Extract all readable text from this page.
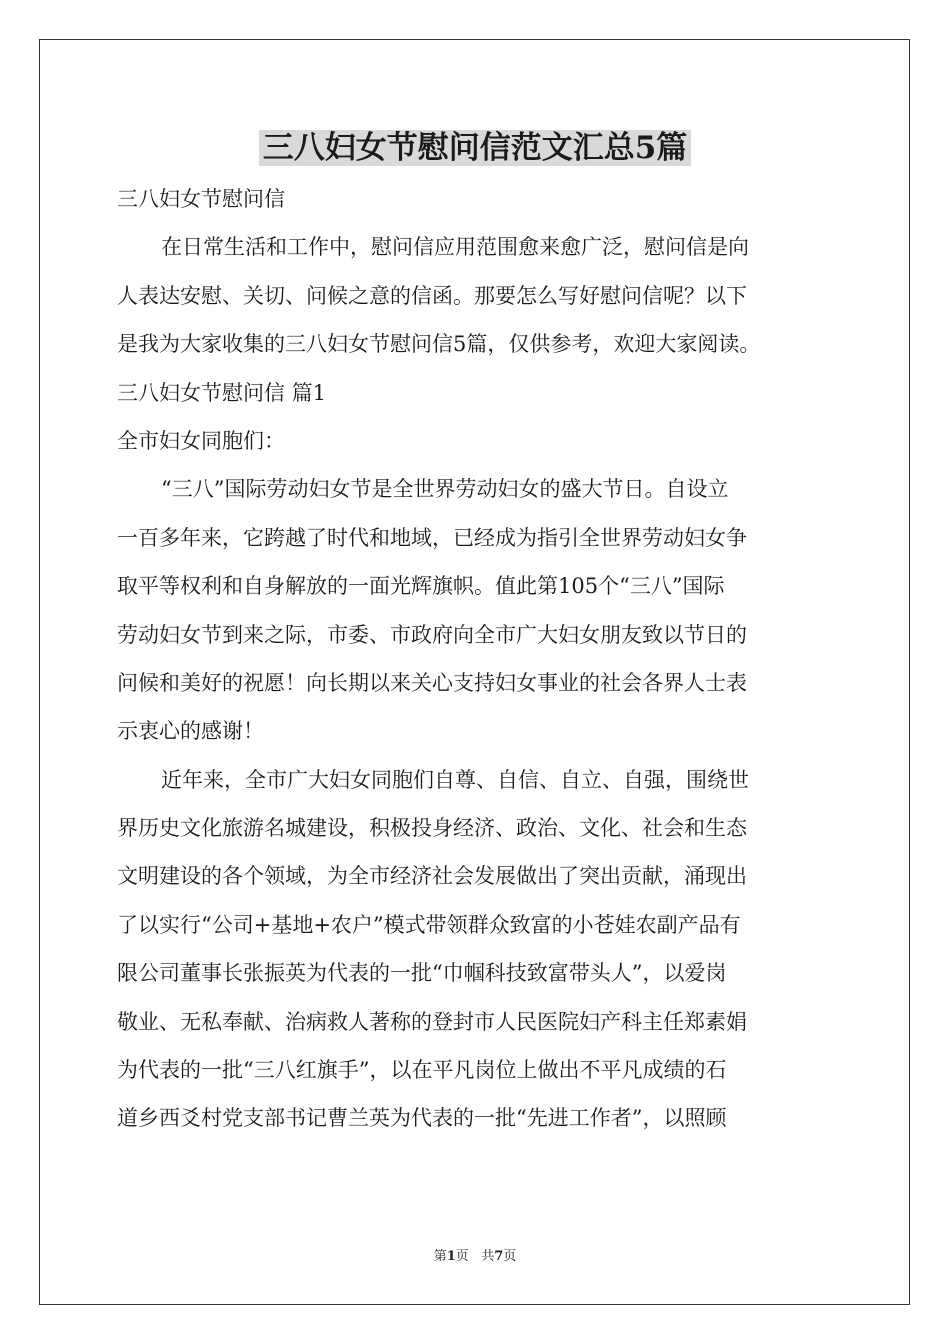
三八妇女节慰问信范文汇总5篇
三八妇女节慰问信
在日常生活和工作中，慰问信应用范围愈来愈广泛，慰问信是向
人表达安慰、关切、问候之意的信函。那要怎么写好慰问信呢？以下
是我为大家收集的三八妇女节慰问信5篇，仅供参考，欢迎大家阅读。
三八妇女节慰问信 篇1
全市妇女同胞们：
“三八”国际劳动妇女节是全世界劳动妇女的盛大节日。自设立
一百多年来，它跨越了时代和地域，已经成为指引全世界劳动妇女争
取平等权利和自身解放的一面光辉旗帜。值此第105个“三八”国际
劳动妇女节到来之际，市委、市政府向全市广大妇女朋友致以节日的
问候和美好的祝愿！向长期以来关心支持妇女事业的社会各界人士表
示衷心的感谢！
近年来，全市广大妇女同胞们自尊、自信、自立、自强，围绕世
界历史文化旅游名城建设，积极投身经济、政治、文化、社会和生态
文明建设的各个领域，为全市经济社会发展做出了突出贡献，涌现出
了以实行“公司+基地+农户”模式带领群众致富的小苍娃农副产品有
限公司董事长张振英为代表的一批“巾帼科技致富带头人”，以爱岗
敬业、无私奉献、治病救人著称的登封市人民医院妇产科主任郑素娟
为代表的一批“三八红旗手”，以在平凡岗位上做出不平凡成绩的石
道乡西爻村党支部书记曹兰英为代表的一批“先进工作者”，以照顾
第1页 共7页
